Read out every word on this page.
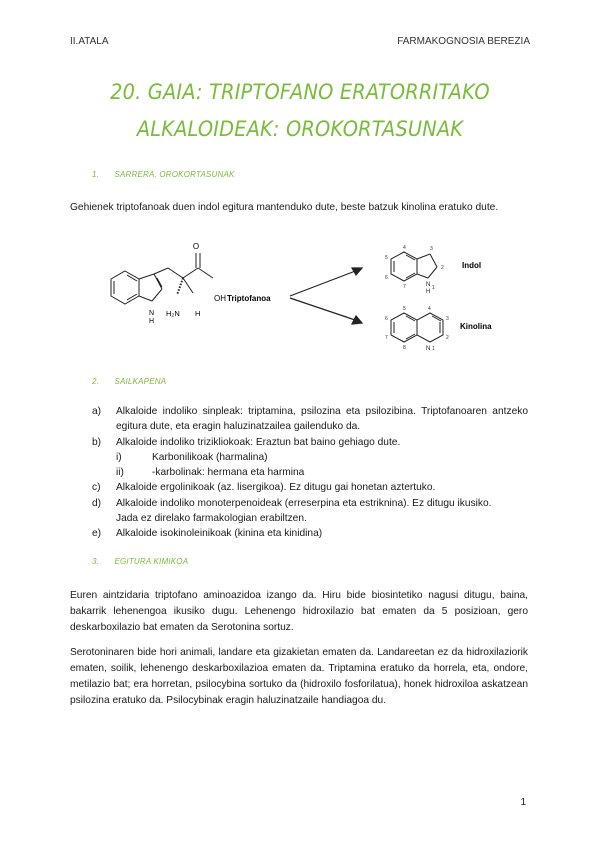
II.ATALA	FARMAKOGNOSIA BEREZIA
20. GAIA: TRIPTOFANO ERATORRITAKO
ALKALOIDEAK: OROKORTASUNAK
1. SARRERA. OROKORTASUNAK
Gehienek triptofanoak duen indol egitura mantenduko dute, beste batzuk kinolina eratuko dute.
O
OH Triptofanoa
H₂N H
N
H
3
2
4
5
6
7	N
H
1
Indol
4
3
2
N 1
5
6
7
8
Kinolina
2. SAILKAPENA
a)	Alkaloide indoliko sinpleak: triptamina, psilozina eta psilozibina. Triptofanoaren antzeko egitura dute, eta eragin haluzinatzailea gailenduko da.
b)	Alkaloide indoliko trizikliokoak: Eraztun bat baino gehiago dute.
i)	Karbonilikoak (harmalina)
ii)	-karbolinak: hermana eta harmina
c)	Alkaloide ergolinikoak (az. lisergikoa). Ez ditugu gai honetan aztertuko.
d)	Alkaloide indoliko monoterpenoideak (erreserpina eta estriknina). Ez ditugu ikusiko.
Jada ez direlako farmakologian erabiltzen.
e)	Alkaloide isokinoleinikoak (kinina eta kinidina)
3. EGITURA KIMIKOA
Euren aintzidaria triptofano aminoazidoa izango da. Hiru bide biosintetiko nagusi ditugu, baina, bakarrik lehenengoa ikusiko dugu. Lehenengo hidroxilazio bat ematen da 5 posizioan, gero deskarboxilazio bat ematen da Serotonina sortuz.
Serotoninaren bide hori animali, landare eta gizakietan ematen da. Landareetan ez da hidroxilaziorik ematen, soilik, lehenengo deskarboxilazioa ematen da. Triptamina eratuko da horrela, eta, ondore, metilazio bat; era horretan, psilocybina sortuko da (hidroxilo fosforilatua), honek hidroxiloa askatzean psilozina eratuko da. Psilocybinak eragin haluzinatzaile handiagoa du.
1
